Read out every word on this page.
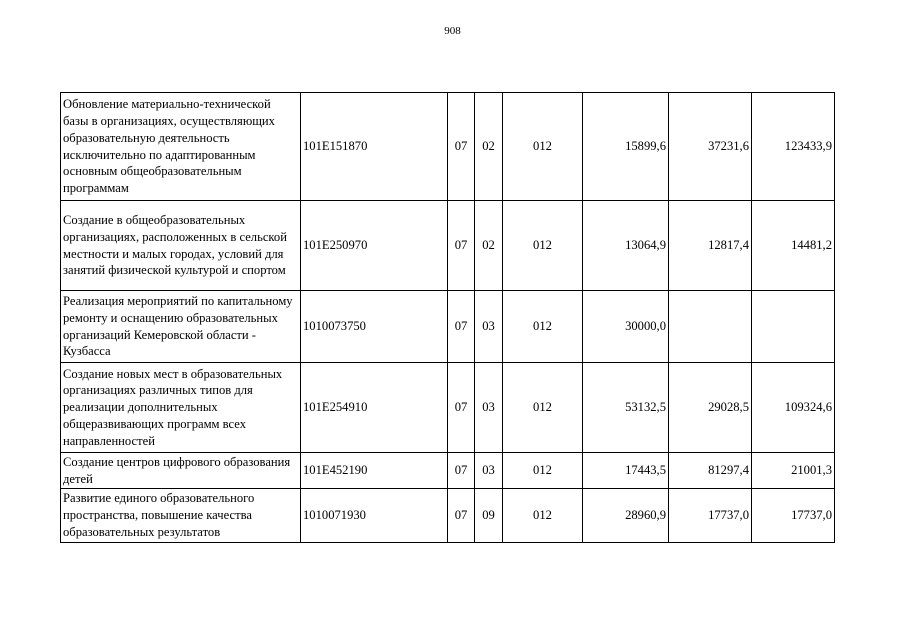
908
Обновление материально-технической базы в организациях, осуществляющих образовательную деятельность исключительно по адаптированным основным общеобразовательным программам	101E151870	07	02	012	15899,6	37231,6	123433,9
Создание в общеобразовательных организациях, расположенных в сельской местности и малых городах, условий для занятий физической культурой и спортом	101E250970	07	02	012	13064,9	12817,4	14481,2
Реализация мероприятий по капитальному ремонту и оснащению образовательных организаций Кемеровской области - Кузбасса	1010073750	07	03	012	30000,0		
Создание новых мест в образовательных организациях различных типов для реализации дополнительных общеразвивающих программ всех направленностей	101E254910	07	03	012	53132,5	29028,5	109324,6
Создание центров цифрового образования детей	101E452190	07	03	012	17443,5	81297,4	21001,3
Развитие единого образовательного пространства, повышение качества образовательных результатов	1010071930	07	09	012	28960,9	17737,0	17737,0
